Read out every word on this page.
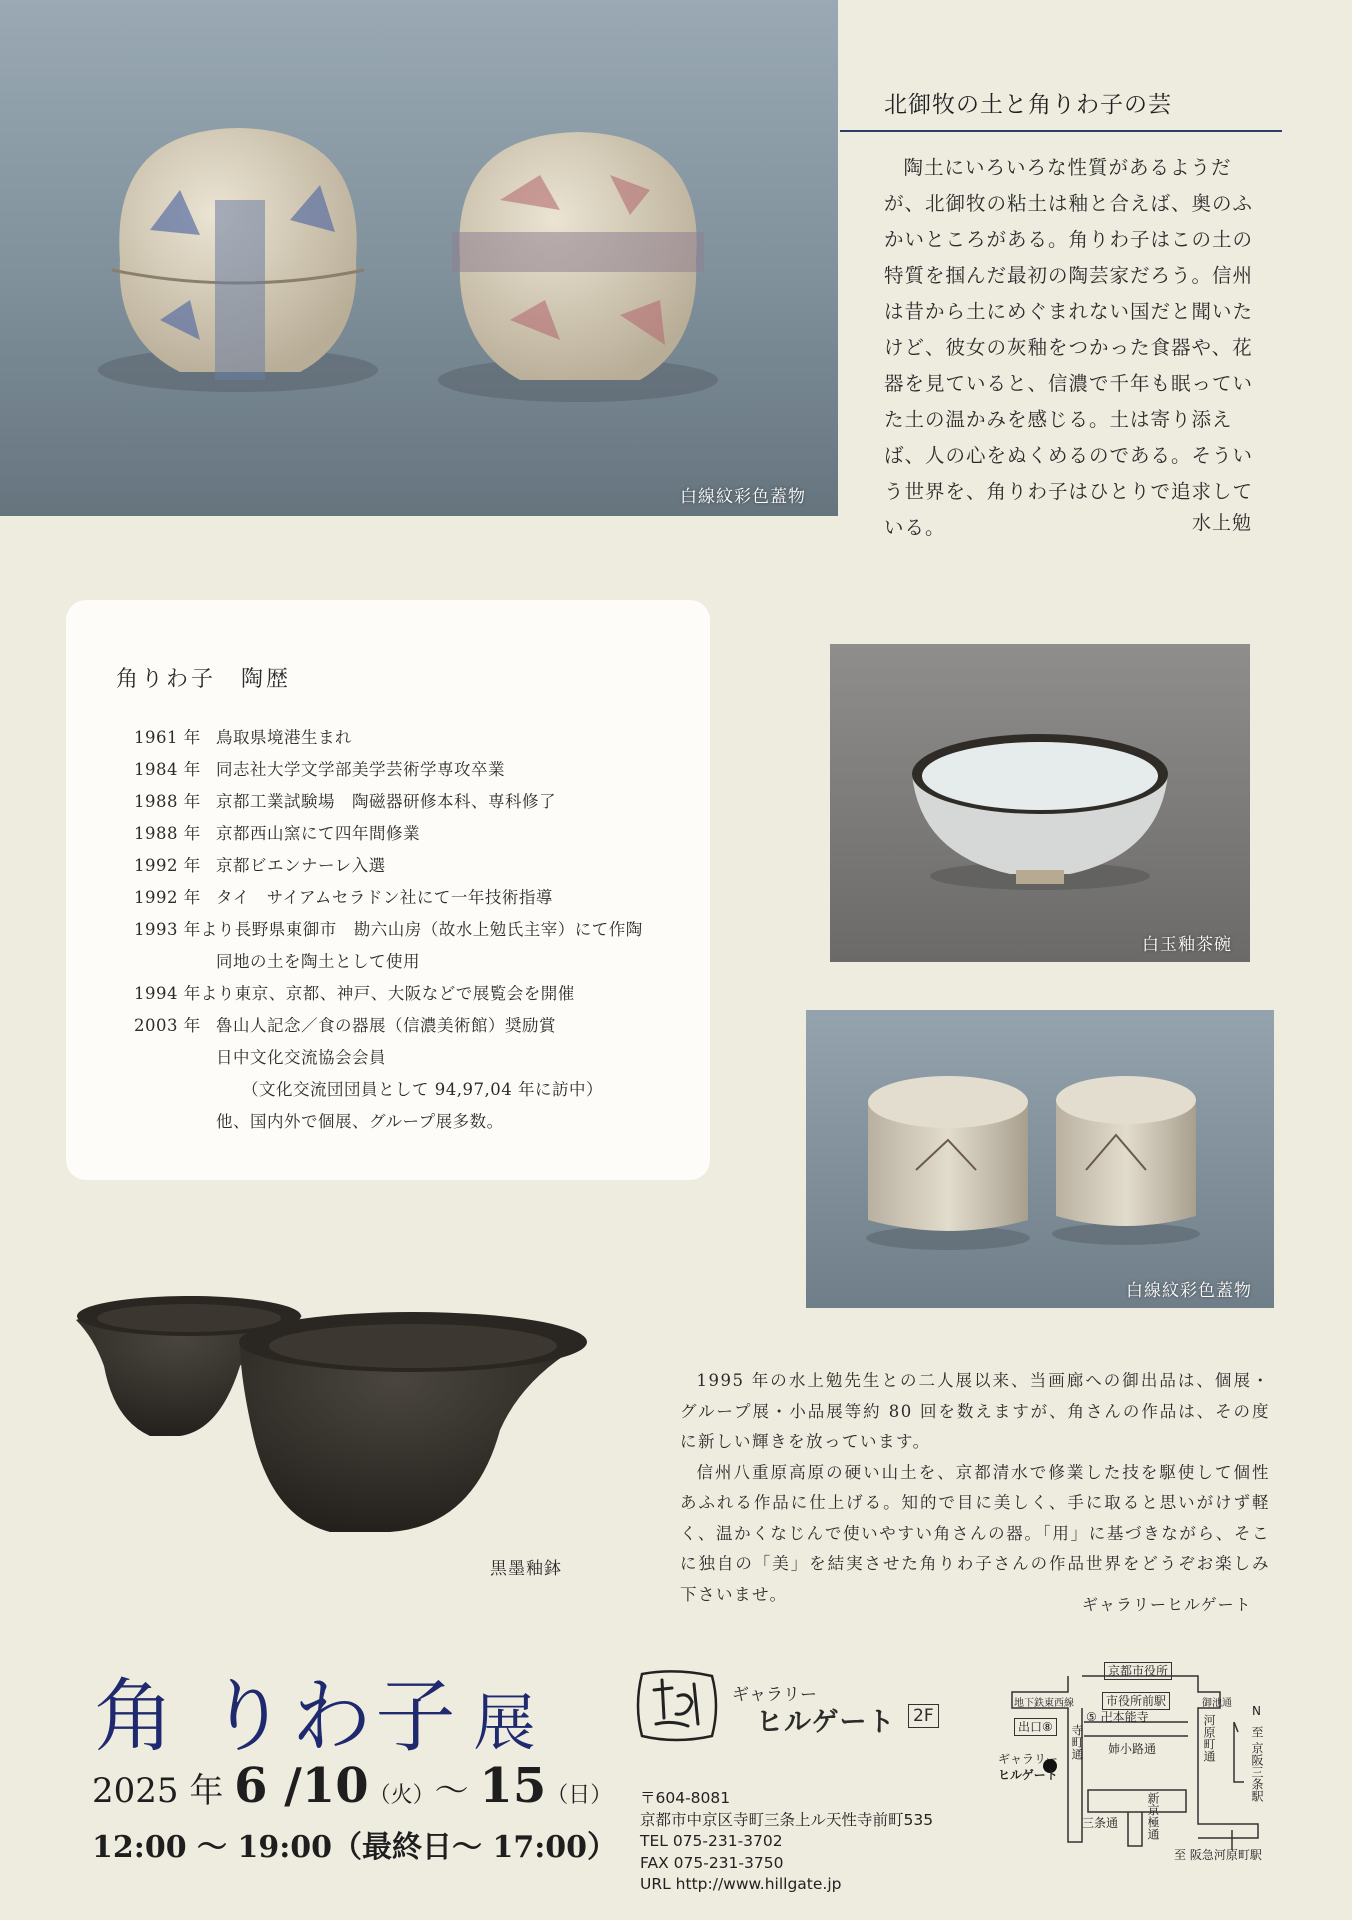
白線紋彩色蓋物
北御牧の土と角りわ子の芸
陶土にいろいろな性質があるようだが、北御牧の粘土は釉と合えば、奥のふかいところがある。角りわ子はこの土の特質を掴んだ最初の陶芸家だろう。信州は昔から土にめぐまれない国だと聞いたけど、彼女の灰釉をつかった食器や、花器を見ていると、信濃で千年も眠っていた土の温かみを感じる。土は寄り添えば、人の心をぬくめるのである。そういう世界を、角りわ子はひとりで追求している。	水上勉
角りわ子　陶歴
1961 年 鳥取県境港生まれ
1984 年 同志社大学文学部美学芸術学専攻卒業
1988 年 京都工業試験場　陶磁器研修本科、専科修了
1988 年 京都西山窯にて四年間修業
1992 年 京都ビエンナーレ入選
1992 年 タイ　サイアムセラドン社にて一年技術指導
1993 年より 長野県東御市　勘六山房（故水上勉氏主宰）にて作陶
同地の土を陶土として使用
1994 年より 東京、京都、神戸、大阪などで展覧会を開催
2003 年 魯山人記念／食の器展（信濃美術館）奨励賞
日中文化交流協会会員
（文化交流団団員として 94,97,04 年に訪中）
他、国内外で個展、グループ展多数。
白玉釉茶碗
白線紋彩色蓋物
黒墨釉鉢

1995 年の水上勉先生との二人展以来、当画廊への御出品は、個展・グループ展・小品展等約 80 回を数えますが、角さんの作品は、その度に新しい輝きを放っています。

信州八重原高原の硬い山土を、京都清水で修業した技を駆使して個性あふれる作品に仕上げる。知的で目に美しく、手に取ると思いがけず軽く、温かくなじんで使いやすい角さんの器。「用」に基づきながら、そこに独自の「美」を結実させた角りわ子さんの作品世界をどうぞお楽しみ下さいませ。

ギャラリーヒルゲート
角 りわ子 展
2025 年 6 /10（火）〜 15（日）
12:00 〜 19:00（最終日〜 17:00）
ギャラリー
ヒルゲート 2F
〒604-8081
京都市中京区寺町三条上ル天性寺前町535
TEL 075-231-3702
FAX 075-231-3750
URL http://www.hillgate.jp
京都市役所
地下鉄東西線	市役所前駅	御池通
N
出口⑧
⑤ 卍本能寺
姉小路通
寺町通	河原町通	至 京阪三条駅
ギャラリー
ヒルゲート
三条通 新京極通
至 阪急河原町駅
